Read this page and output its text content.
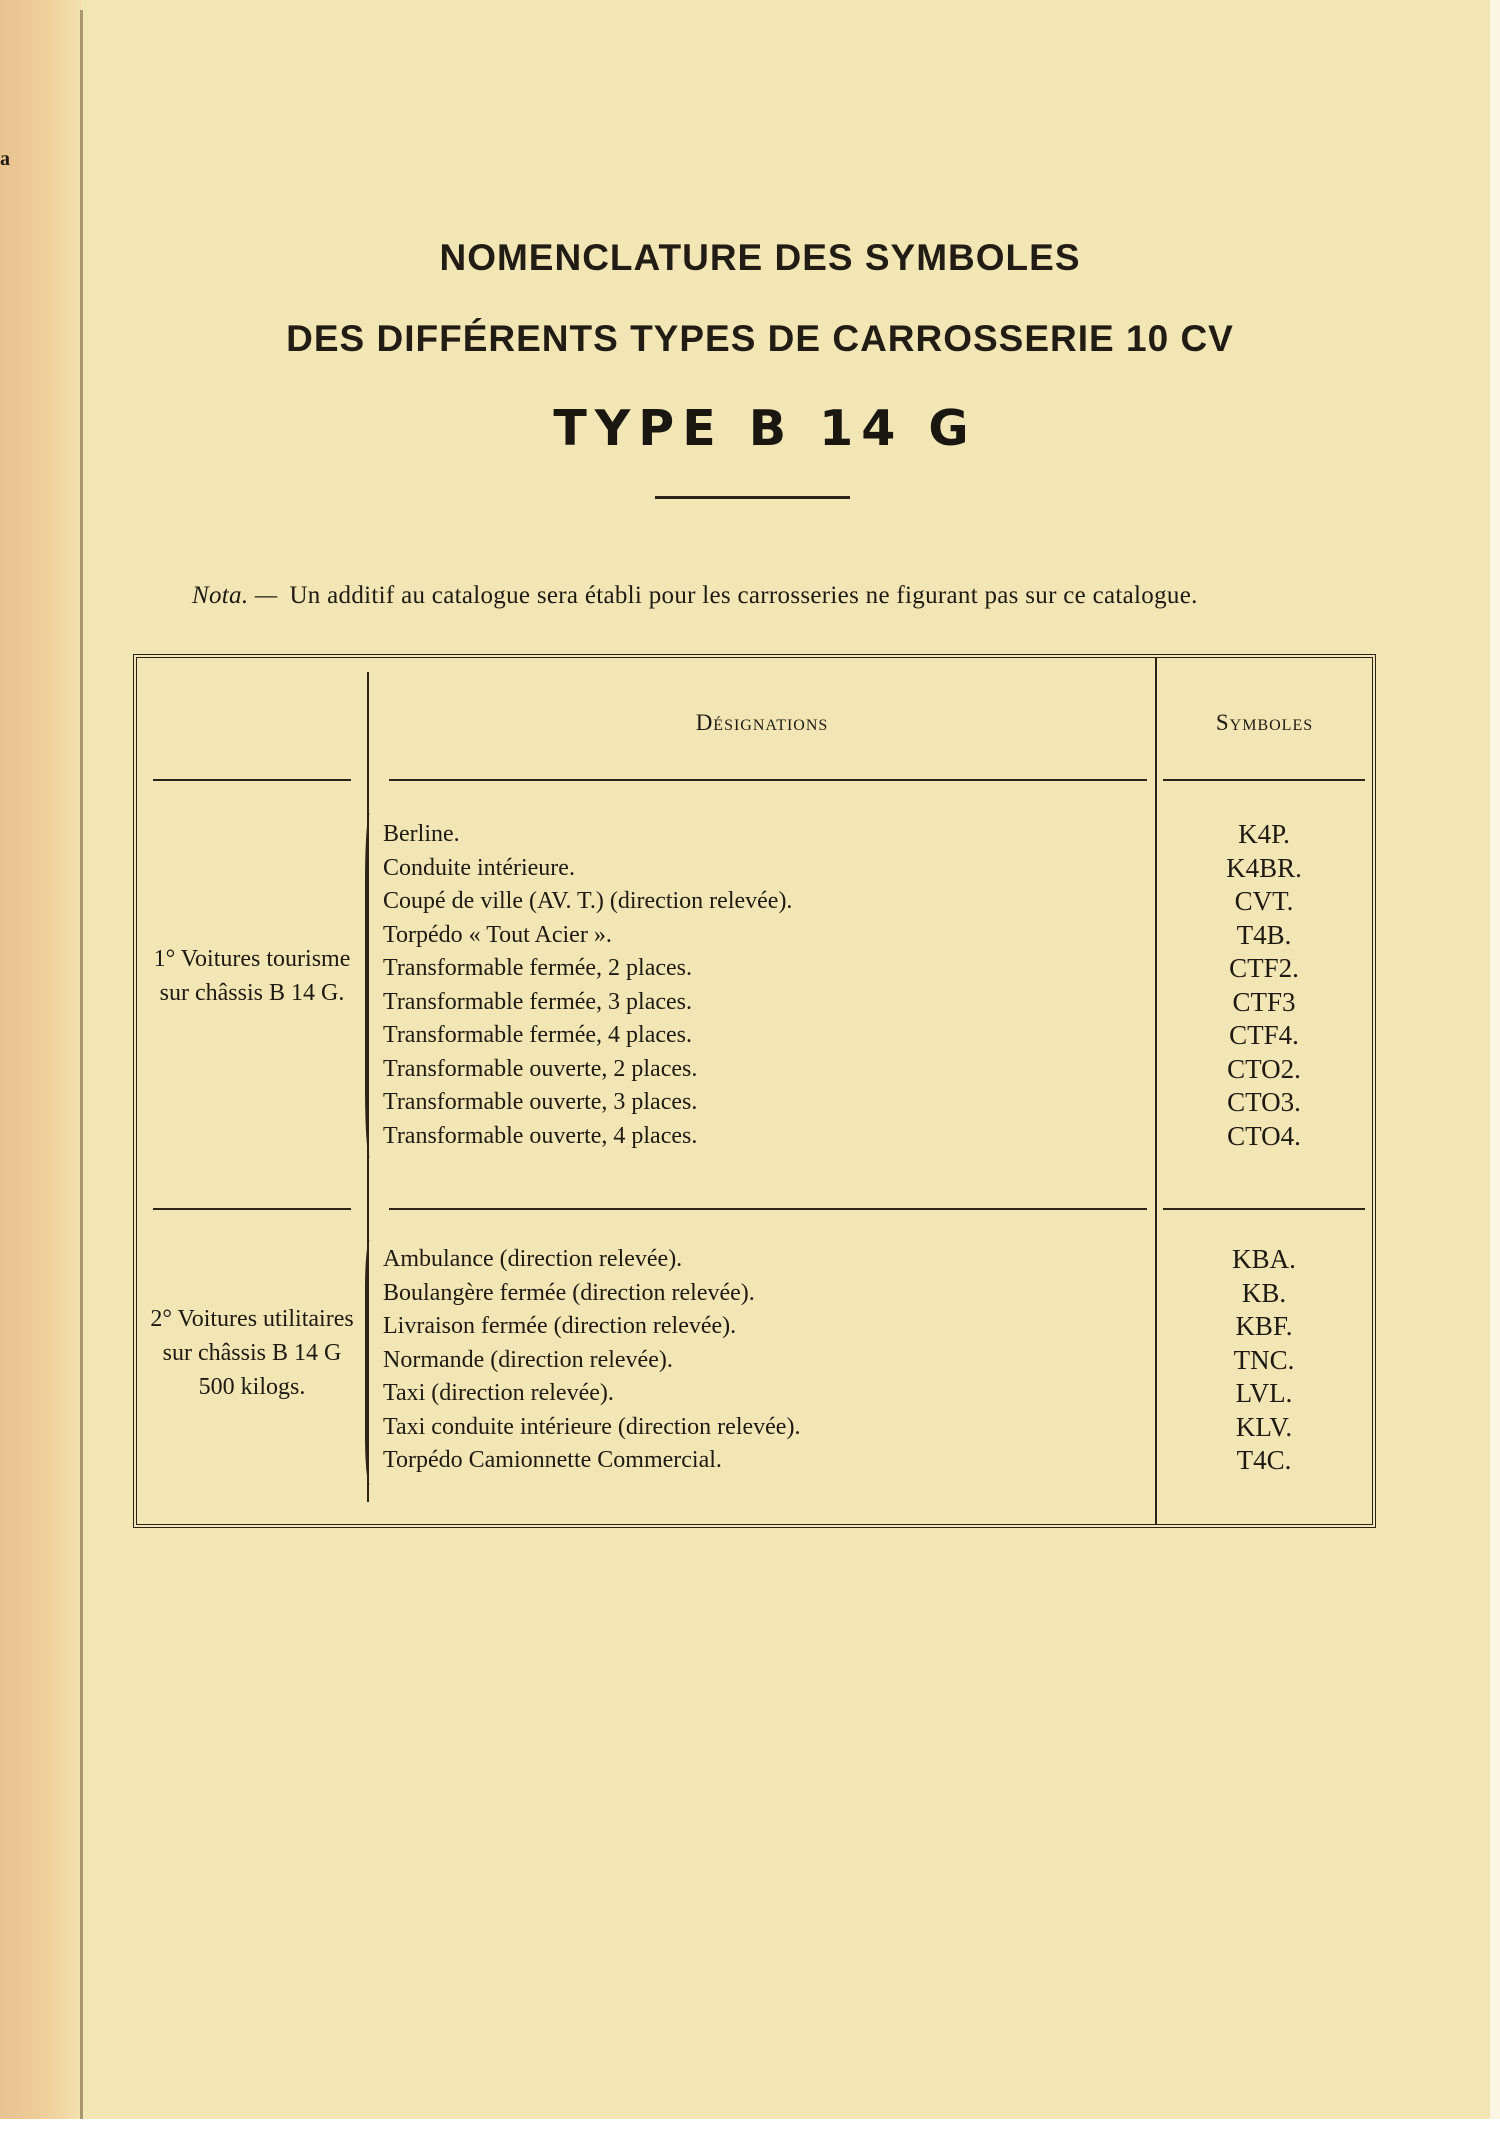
a
NOMENCLATURE DES SYMBOLES
DES DIFFÉRENTS TYPES DE CARROSSERIE 10 CV
TYPE B 14 G
Nota. — Un additif au catalogue sera établi pour les carrosseries ne figurant pas sur ce catalogue.
Désignations	Symboles
1° Voitures tourisme sur châssis B 14 G.
Berline.
Conduite intérieure.
Coupé de ville (AV. T.) (direction relevée).
Torpédo « Tout Acier ».
Transformable fermée, 2 places.
Transformable fermée, 3 places.
Transformable fermée, 4 places.
Transformable ouverte, 2 places.
Transformable ouverte, 3 places.
Transformable ouverte, 4 places.
K4P.
K4BR.
CVT.
T4B.
CTF2.
CTF3
CTF4.
CTO2.
CTO3.
CTO4.
2° Voitures utilitaires sur châssis B 14 G 500 kilogs.
Ambulance (direction relevée).
Boulangère fermée (direction relevée).
Livraison fermée (direction relevée).
Normande (direction relevée).
Taxi (direction relevée).
Taxi conduite intérieure (direction relevée).
Torpédo Camionnette Commercial.
KBA.
KB.
KBF.
TNC.
LVL.
KLV.
T4C.
